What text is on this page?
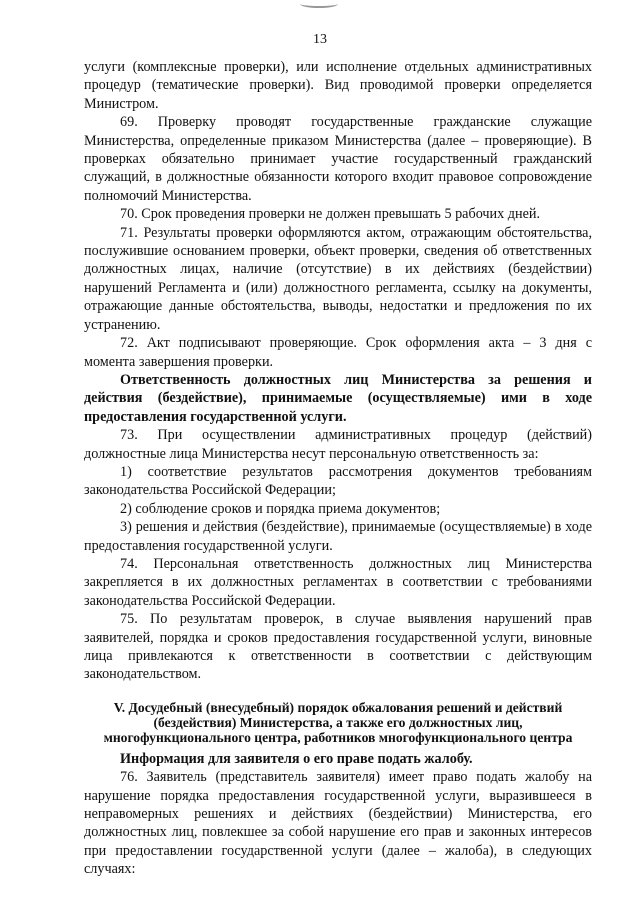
13

услуги (комплексные проверки), или исполнение отдельных административных процедур (тематические проверки). Вид проводимой проверки определяется Министром.

69. Проверку проводят государственные гражданские служащие Министерства, определенные приказом Министерства (далее – проверяющие). В проверках обязательно принимает участие государственный гражданский служащий, в должностные обязанности которого входит правовое сопровождение полномочий Министерства.

70. Срок проведения проверки не должен превышать 5 рабочих дней.

71. Результаты проверки оформляются актом, отражающим обстоятельства, послужившие основанием проверки, объект проверки, сведения об ответственных должностных лицах, наличие (отсутствие) в их действиях (бездействии) нарушений Регламента и (или) должностного регламента, ссылку на документы, отражающие данные обстоятельства, выводы, недостатки и предложения по их устранению.

72. Акт подписывают проверяющие. Срок оформления акта – 3 дня с момента завершения проверки.

Ответственность должностных лиц Министерства за решения и действия (бездействие), принимаемые (осуществляемые) ими в ходе предоставления государственной услуги.

73. При осуществлении административных процедур (действий) должностные лица Министерства несут персональную ответственность за:

1) соответствие результатов рассмотрения документов требованиям законодательства Российской Федерации;

2) соблюдение сроков и порядка приема документов;

3) решения и действия (бездействие), принимаемые (осуществляемые) в ходе предоставления государственной услуги.

74. Персональная ответственность должностных лиц Министерства закрепляется в их должностных регламентах в соответствии с требованиями законодательства Российской Федерации.

75. По результатам проверок, в случае выявления нарушений прав заявителей, порядка и сроков предоставления государственной услуги, виновные лица привлекаются к ответственности в соответствии с действующим законодательством.

V. Досудебный (внесудебный) порядок обжалования решений и действий (бездействия) Министерства, а также его должностных лиц, многофункционального центра, работников многофункционального центра

Информация для заявителя о его праве подать жалобу.

76. Заявитель (представитель заявителя) имеет право подать жалобу на нарушение порядка предоставления государственной услуги, выразившееся в неправомерных решениях и действиях (бездействии) Министерства, его должностных лиц, повлекшее за собой нарушение его прав и законных интересов при предоставлении государственной услуги (далее – жалоба), в следующих случаях:
